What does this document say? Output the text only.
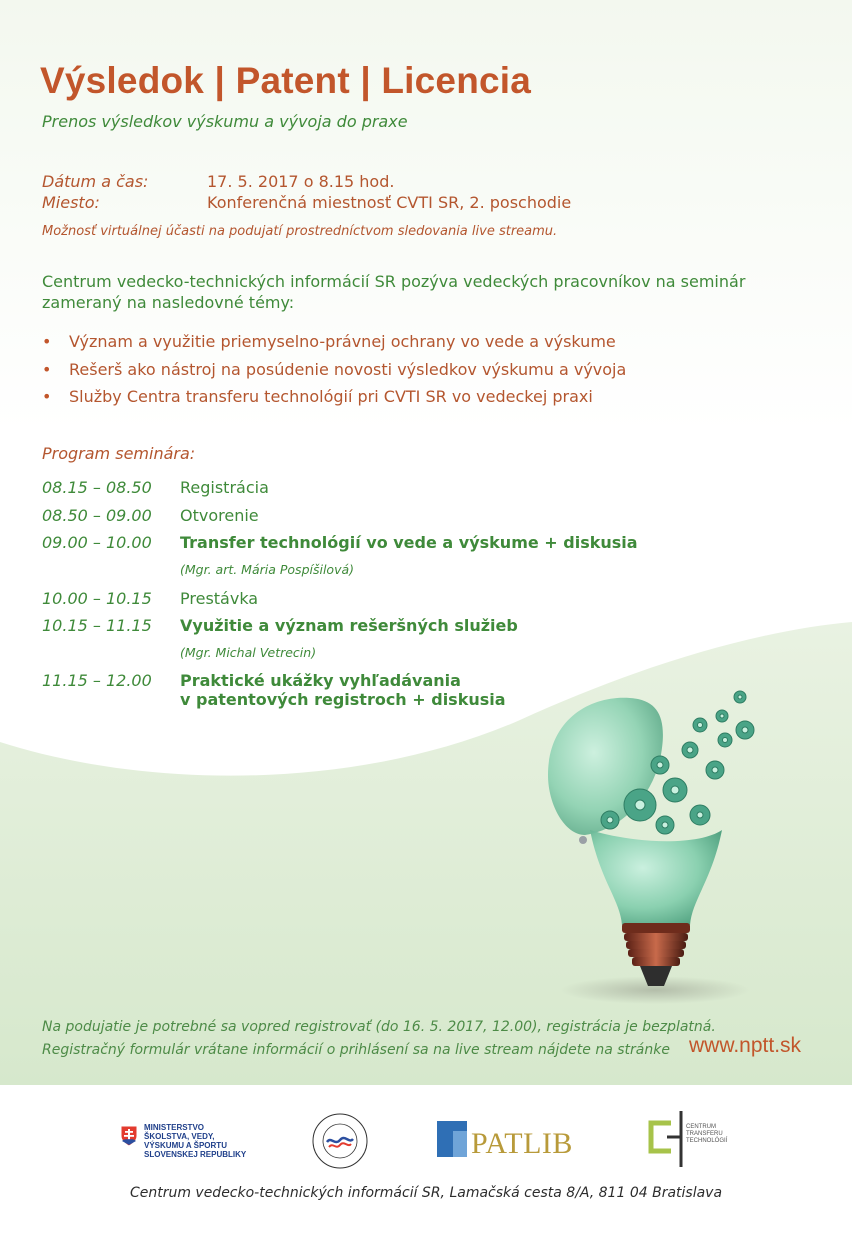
Výsledok | Patent | Licencia
Prenos výsledkov výskumu a vývoja do praxe
Dátum a čas:	17. 5. 2017 o 8.15 hod.
Miesto:	Konferenčná miestnosť CVTI SR, 2. poschodie
Možnosť virtuálnej účasti na podujatí prostredníctvom sledovania live streamu.
Centrum vedecko-technických informácií SR pozýva vedeckých pracovníkov na seminár
zameraný na nasledovné témy:
• Význam a využitie priemyselno-právnej ochrany vo vede a výskume
• Rešerš ako nástroj na posúdenie novosti výsledkov výskumu a vývoja
• Služby Centra transferu technológií pri CVTI SR vo vedeckej praxi
Program seminára:
08.15 – 08.50 Registrácia
08.50 – 09.00 Otvorenie
09.00 – 10.00 Transfer technológií vo vede a výskume + diskusia
(Mgr. art. Mária Pospíšilová)
10.00 – 10.15 Prestávka
10.15 – 11.15 Využitie a význam rešeršných služieb
(Mgr. Michal Vetrecin)
11.15 – 12.00 Praktické ukážky vyhľadávania
v patentových registroch + diskusia
Na podujatie je potrebné sa vopred registrovať (do 16. 5. 2017, 12.00), registrácia je bezplatná.
Registračný formulár vrátane informácií o prihlásení sa na live stream nájdete na stránke www.nptt.sk
MINISTERSTVO
ŠKOLSTVA, VEDY,
VÝSKUMU A ŠPORTU
SLOVENSKEJ REPUBLIKY	PATLIB	CENTRUM
TRANSFERU
TECHNOLÓGIÍ
Centrum vedecko-technických informácií SR, Lamačská cesta 8/A, 811 04 Bratislava
